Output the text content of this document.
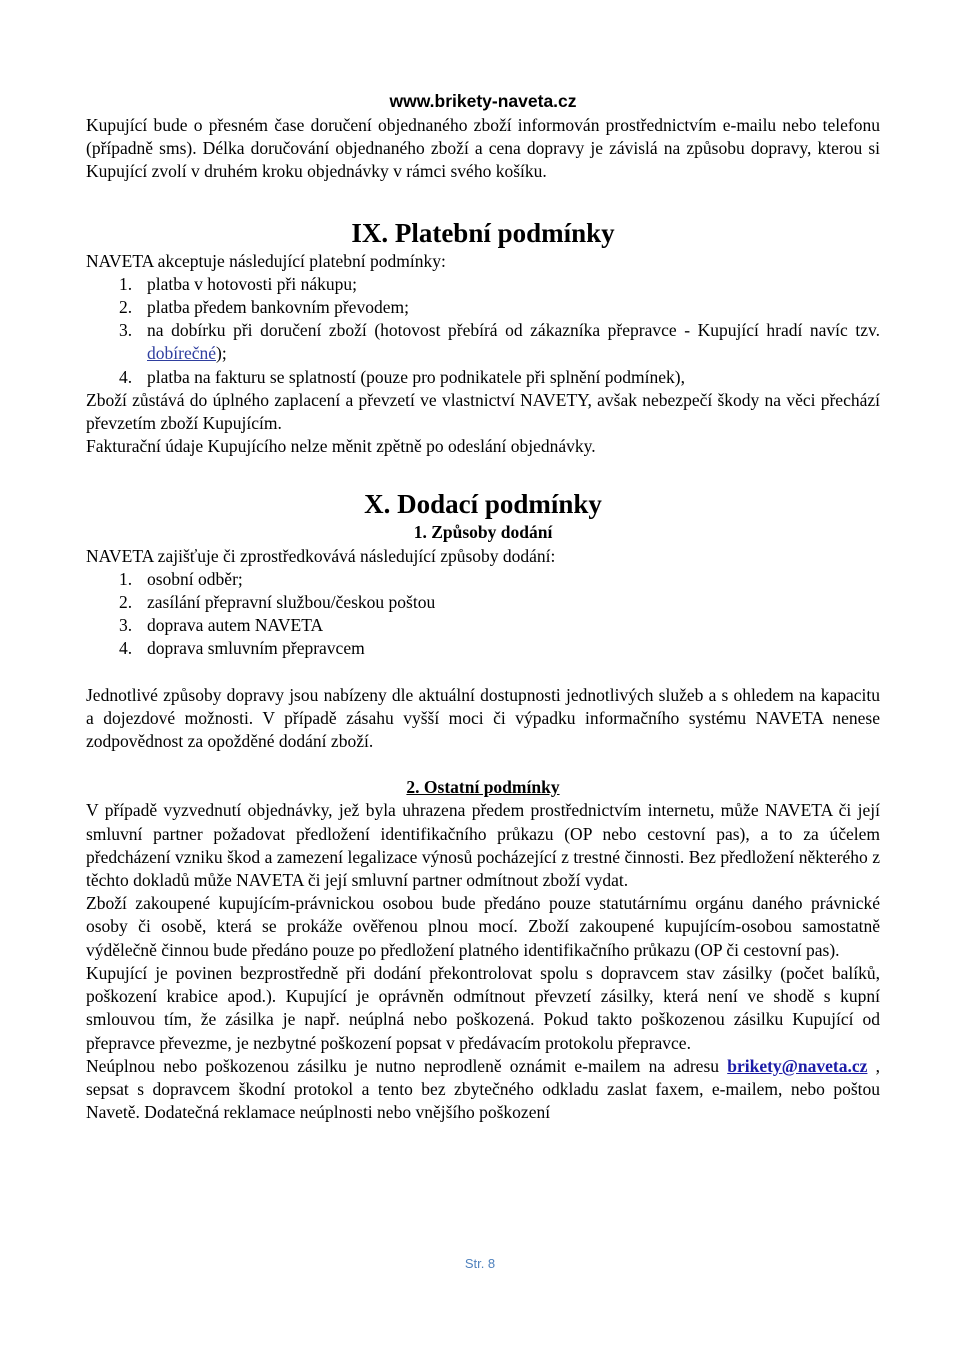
www.brikety-naveta.cz

Kupující bude o přesném čase doručení objednaného zboží informován prostřednictvím e-mailu nebo telefonu (případně sms). Délka doručování objednaného zboží a cena dopravy je závislá na způsobu dopravy, kterou si Kupující zvolí v druhém kroku objednávky v rámci svého košíku.

IX. Platební podmínky

NAVETA akceptuje následující platební podmínky:

1. platba v hotovosti při nákupu;
2. platba předem bankovním převodem;
3. na dobírku při doručení zboží (hotovost přebírá od zákazníka přepravce - Kupující hradí navíc tzv. dobírečné);
4. platba na fakturu se splatností (pouze pro podnikatele při splnění podmínek),

Zboží zůstává do úplného zaplacení a převzetí ve vlastnictví NAVETY, avšak nebezpečí škody na věci přechází převzetím zboží Kupujícím.

Fakturační údaje Kupujícího nelze měnit zpětně po odeslání objednávky.

X. Dodací podmínky
1. Způsoby dodání

NAVETA zajišťuje či zprostředkovává následující způsoby dodání:

1. osobní odběr;
2. zasílání přepravní službou/českou poštou
3. doprava autem NAVETA
4. doprava smluvním přepravcem

Jednotlivé způsoby dopravy jsou nabízeny dle aktuální dostupnosti jednotlivých služeb a s ohledem na kapacitu a dojezdové možnosti. V případě zásahu vyšší moci či výpadku informačního systému NAVETA nenese zodpovědnost za opožděné dodání zboží.

2. Ostatní podmínky

V případě vyzvednutí objednávky, jež byla uhrazena předem prostřednictvím internetu, může NAVETA či její smluvní partner požadovat předložení identifikačního průkazu (OP nebo cestovní pas), a to za účelem předcházení vzniku škod a zamezení legalizace výnosů pocházející z trestné činnosti. Bez předložení některého z těchto dokladů může NAVETA či její smluvní partner odmítnout zboží vydat.

Zboží zakoupené kupujícím-právnickou osobou bude předáno pouze statutárnímu orgánu daného právnické osoby či osobě, která se prokáže ověřenou plnou mocí. Zboží zakoupené kupujícím-osobou samostatně výdělečně činnou bude předáno pouze po předložení platného identifikačního průkazu (OP či cestovní pas).

Kupující je povinen bezprostředně při dodání překontrolovat spolu s dopravcem stav zásilky (počet balíků, poškození krabice apod.). Kupující je oprávněn odmítnout převzetí zásilky, která není ve shodě s kupní smlouvou tím, že zásilka je např. neúplná nebo poškozená. Pokud takto poškozenou zásilku Kupující od přepravce převezme, je nezbytné poškození popsat v předávacím protokolu přepravce.

Neúplnou nebo poškozenou zásilku je nutno neprodleně oznámit e-mailem na adresu brikety@naveta.cz , sepsat s dopravcem škodní protokol a tento bez zbytečného odkladu zaslat faxem, e-mailem, nebo poštou Navetě. Dodatečná reklamace neúplnosti nebo vnějšího poškození

Str. 8
